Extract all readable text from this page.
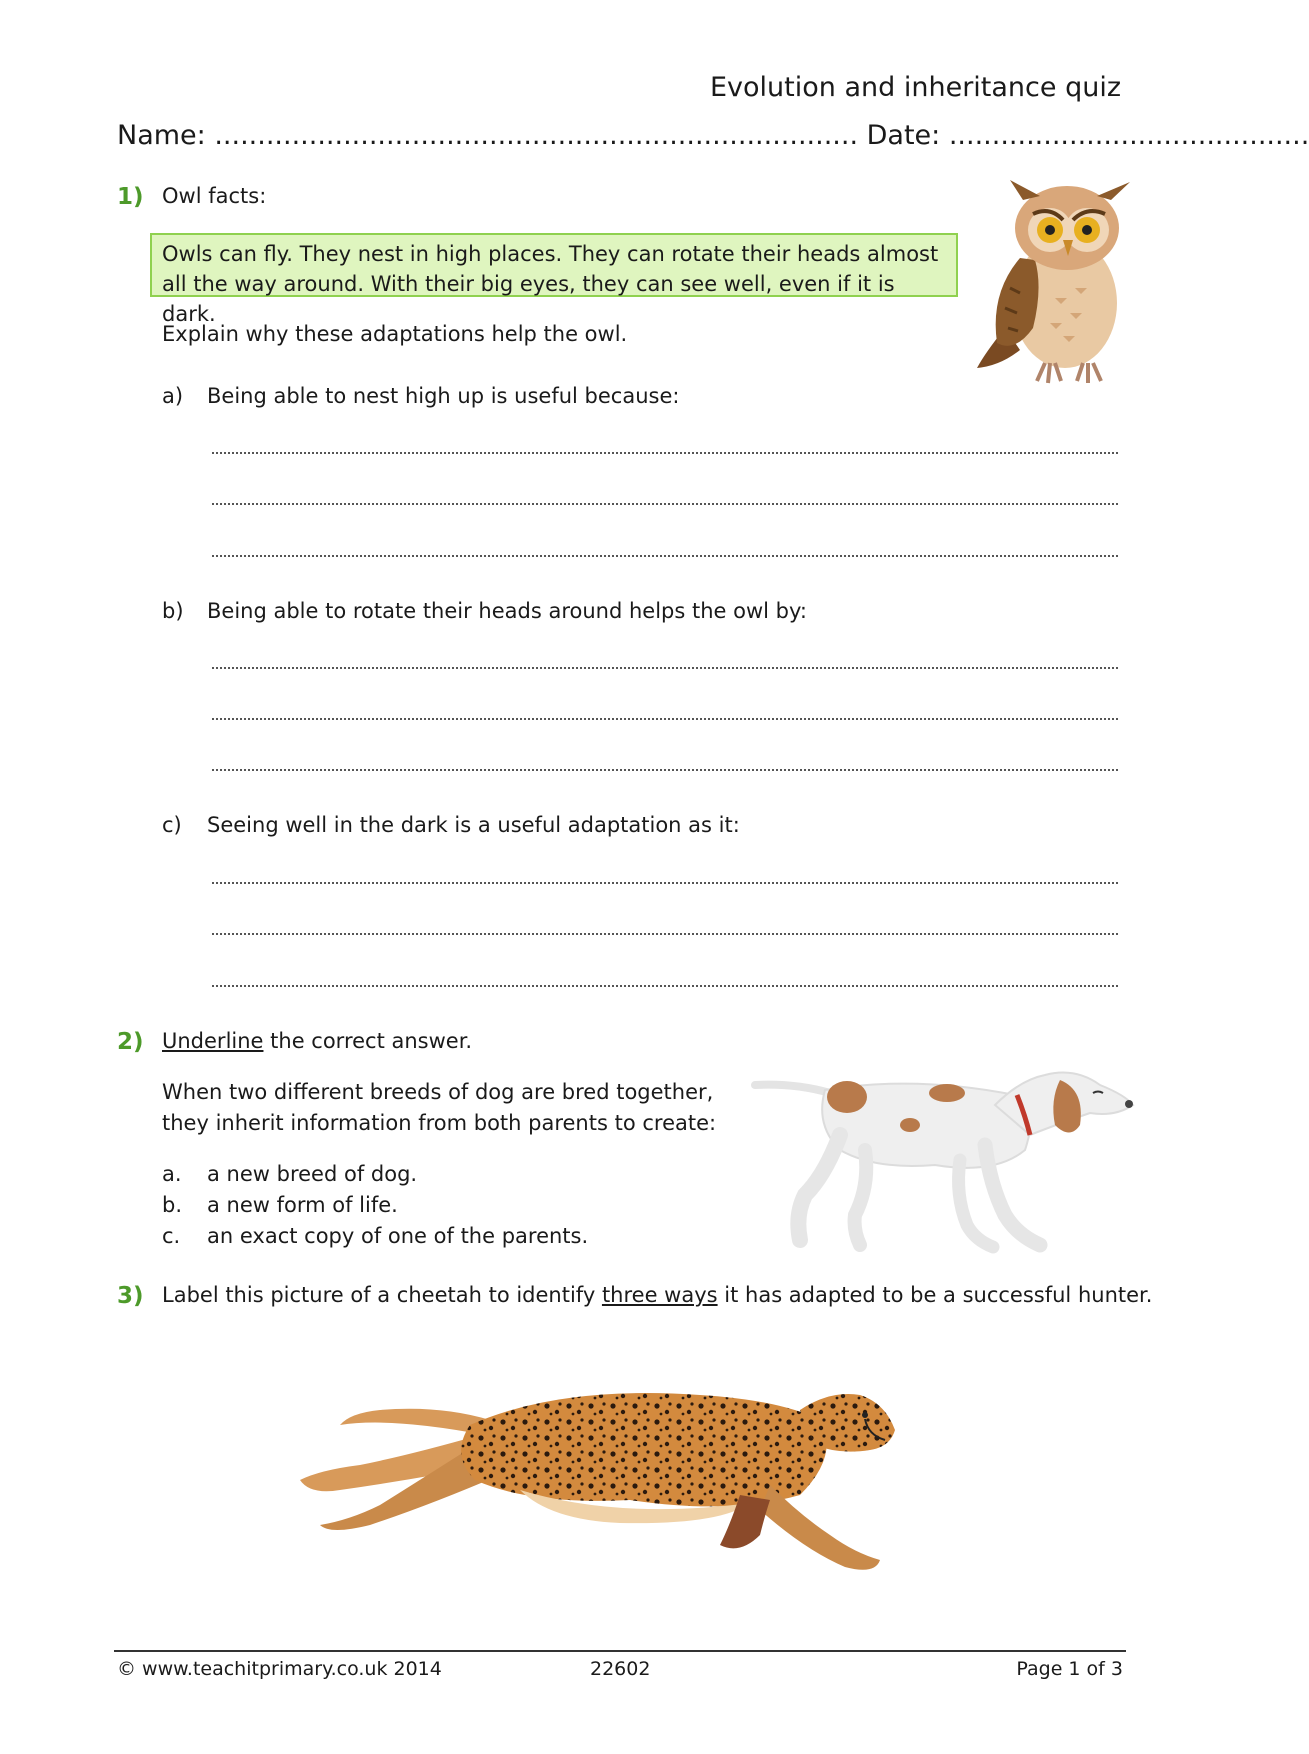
Evolution and inheritance quiz
Name: ........................................................................... Date: ..........................................
1) Owl facts:
Owls can fly. They nest in high places. They can rotate their heads almost all the way around. With their big eyes, they can see well, even if it is dark.
Explain why these adaptations help the owl.
a) Being able to nest high up is useful because:
b) Being able to rotate their heads around helps the owl by:
c) Seeing well in the dark is a useful adaptation as it:
2) Underline the correct answer.
When two different breeds of dog are bred together,
they inherit information from both parents to create:
a. a new breed of dog.
b. a new form of life.
c. an exact copy of one of the parents.
3) Label this picture of a cheetah to identify three ways it has adapted to be a successful hunter.
© www.teachitprimary.co.uk 2014	22602	Page 1 of 3
